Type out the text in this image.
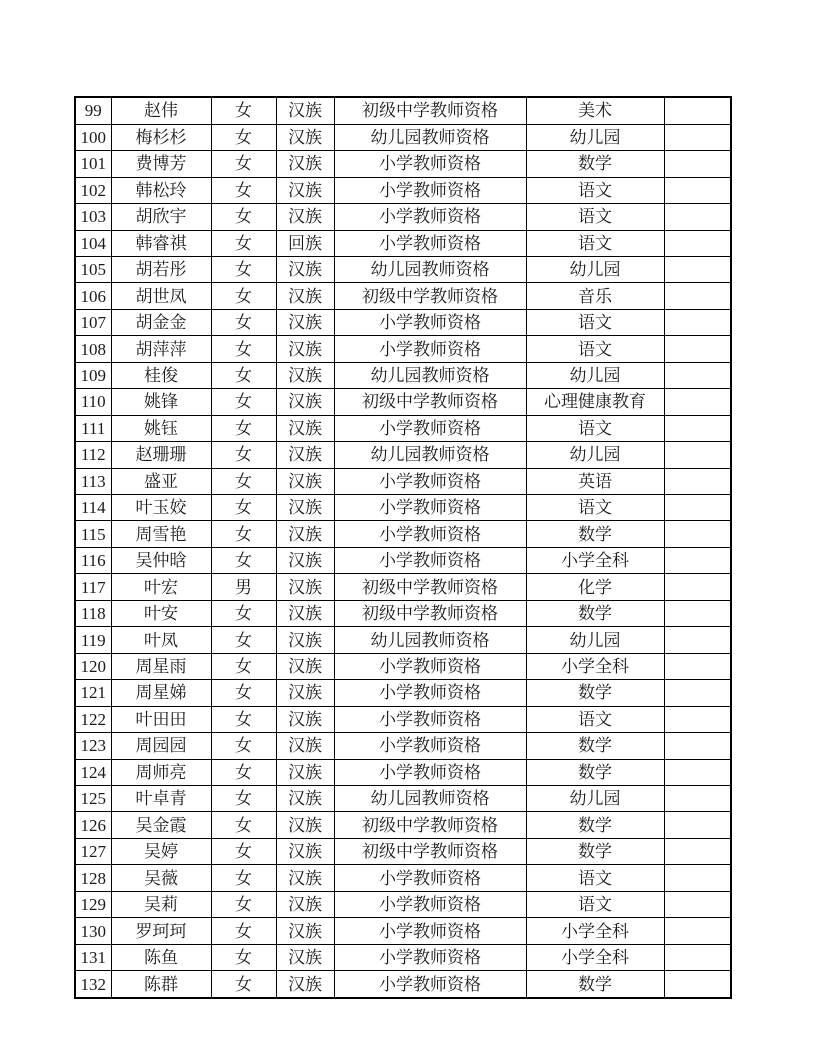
99	赵伟	女	汉族	初级中学教师资格	美术	
100	梅杉杉	女	汉族	幼儿园教师资格	幼儿园	
101	费博芳	女	汉族	小学教师资格	数学	
102	韩松玲	女	汉族	小学教师资格	语文	
103	胡欣宇	女	汉族	小学教师资格	语文	
104	韩睿祺	女	回族	小学教师资格	语文	
105	胡若彤	女	汉族	幼儿园教师资格	幼儿园	
106	胡世凤	女	汉族	初级中学教师资格	音乐	
107	胡金金	女	汉族	小学教师资格	语文	
108	胡萍萍	女	汉族	小学教师资格	语文	
109	桂俊	女	汉族	幼儿园教师资格	幼儿园	
110	姚锋	女	汉族	初级中学教师资格	心理健康教育	
111	姚钰	女	汉族	小学教师资格	语文	
112	赵珊珊	女	汉族	幼儿园教师资格	幼儿园	
113	盛亚	女	汉族	小学教师资格	英语	
114	叶玉姣	女	汉族	小学教师资格	语文	
115	周雪艳	女	汉族	小学教师资格	数学	
116	吴仲晗	女	汉族	小学教师资格	小学全科	
117	叶宏	男	汉族	初级中学教师资格	化学	
118	叶安	女	汉族	初级中学教师资格	数学	
119	叶凤	女	汉族	幼儿园教师资格	幼儿园	
120	周星雨	女	汉族	小学教师资格	小学全科	
121	周星娣	女	汉族	小学教师资格	数学	
122	叶田田	女	汉族	小学教师资格	语文	
123	周园园	女	汉族	小学教师资格	数学	
124	周师亮	女	汉族	小学教师资格	数学	
125	叶卓青	女	汉族	幼儿园教师资格	幼儿园	
126	吴金霞	女	汉族	初级中学教师资格	数学	
127	吴婷	女	汉族	初级中学教师资格	数学	
128	吴薇	女	汉族	小学教师资格	语文	
129	吴莉	女	汉族	小学教师资格	语文	
130	罗珂珂	女	汉族	小学教师资格	小学全科	
131	陈鱼	女	汉族	小学教师资格	小学全科	
132	陈群	女	汉族	小学教师资格	数学	
